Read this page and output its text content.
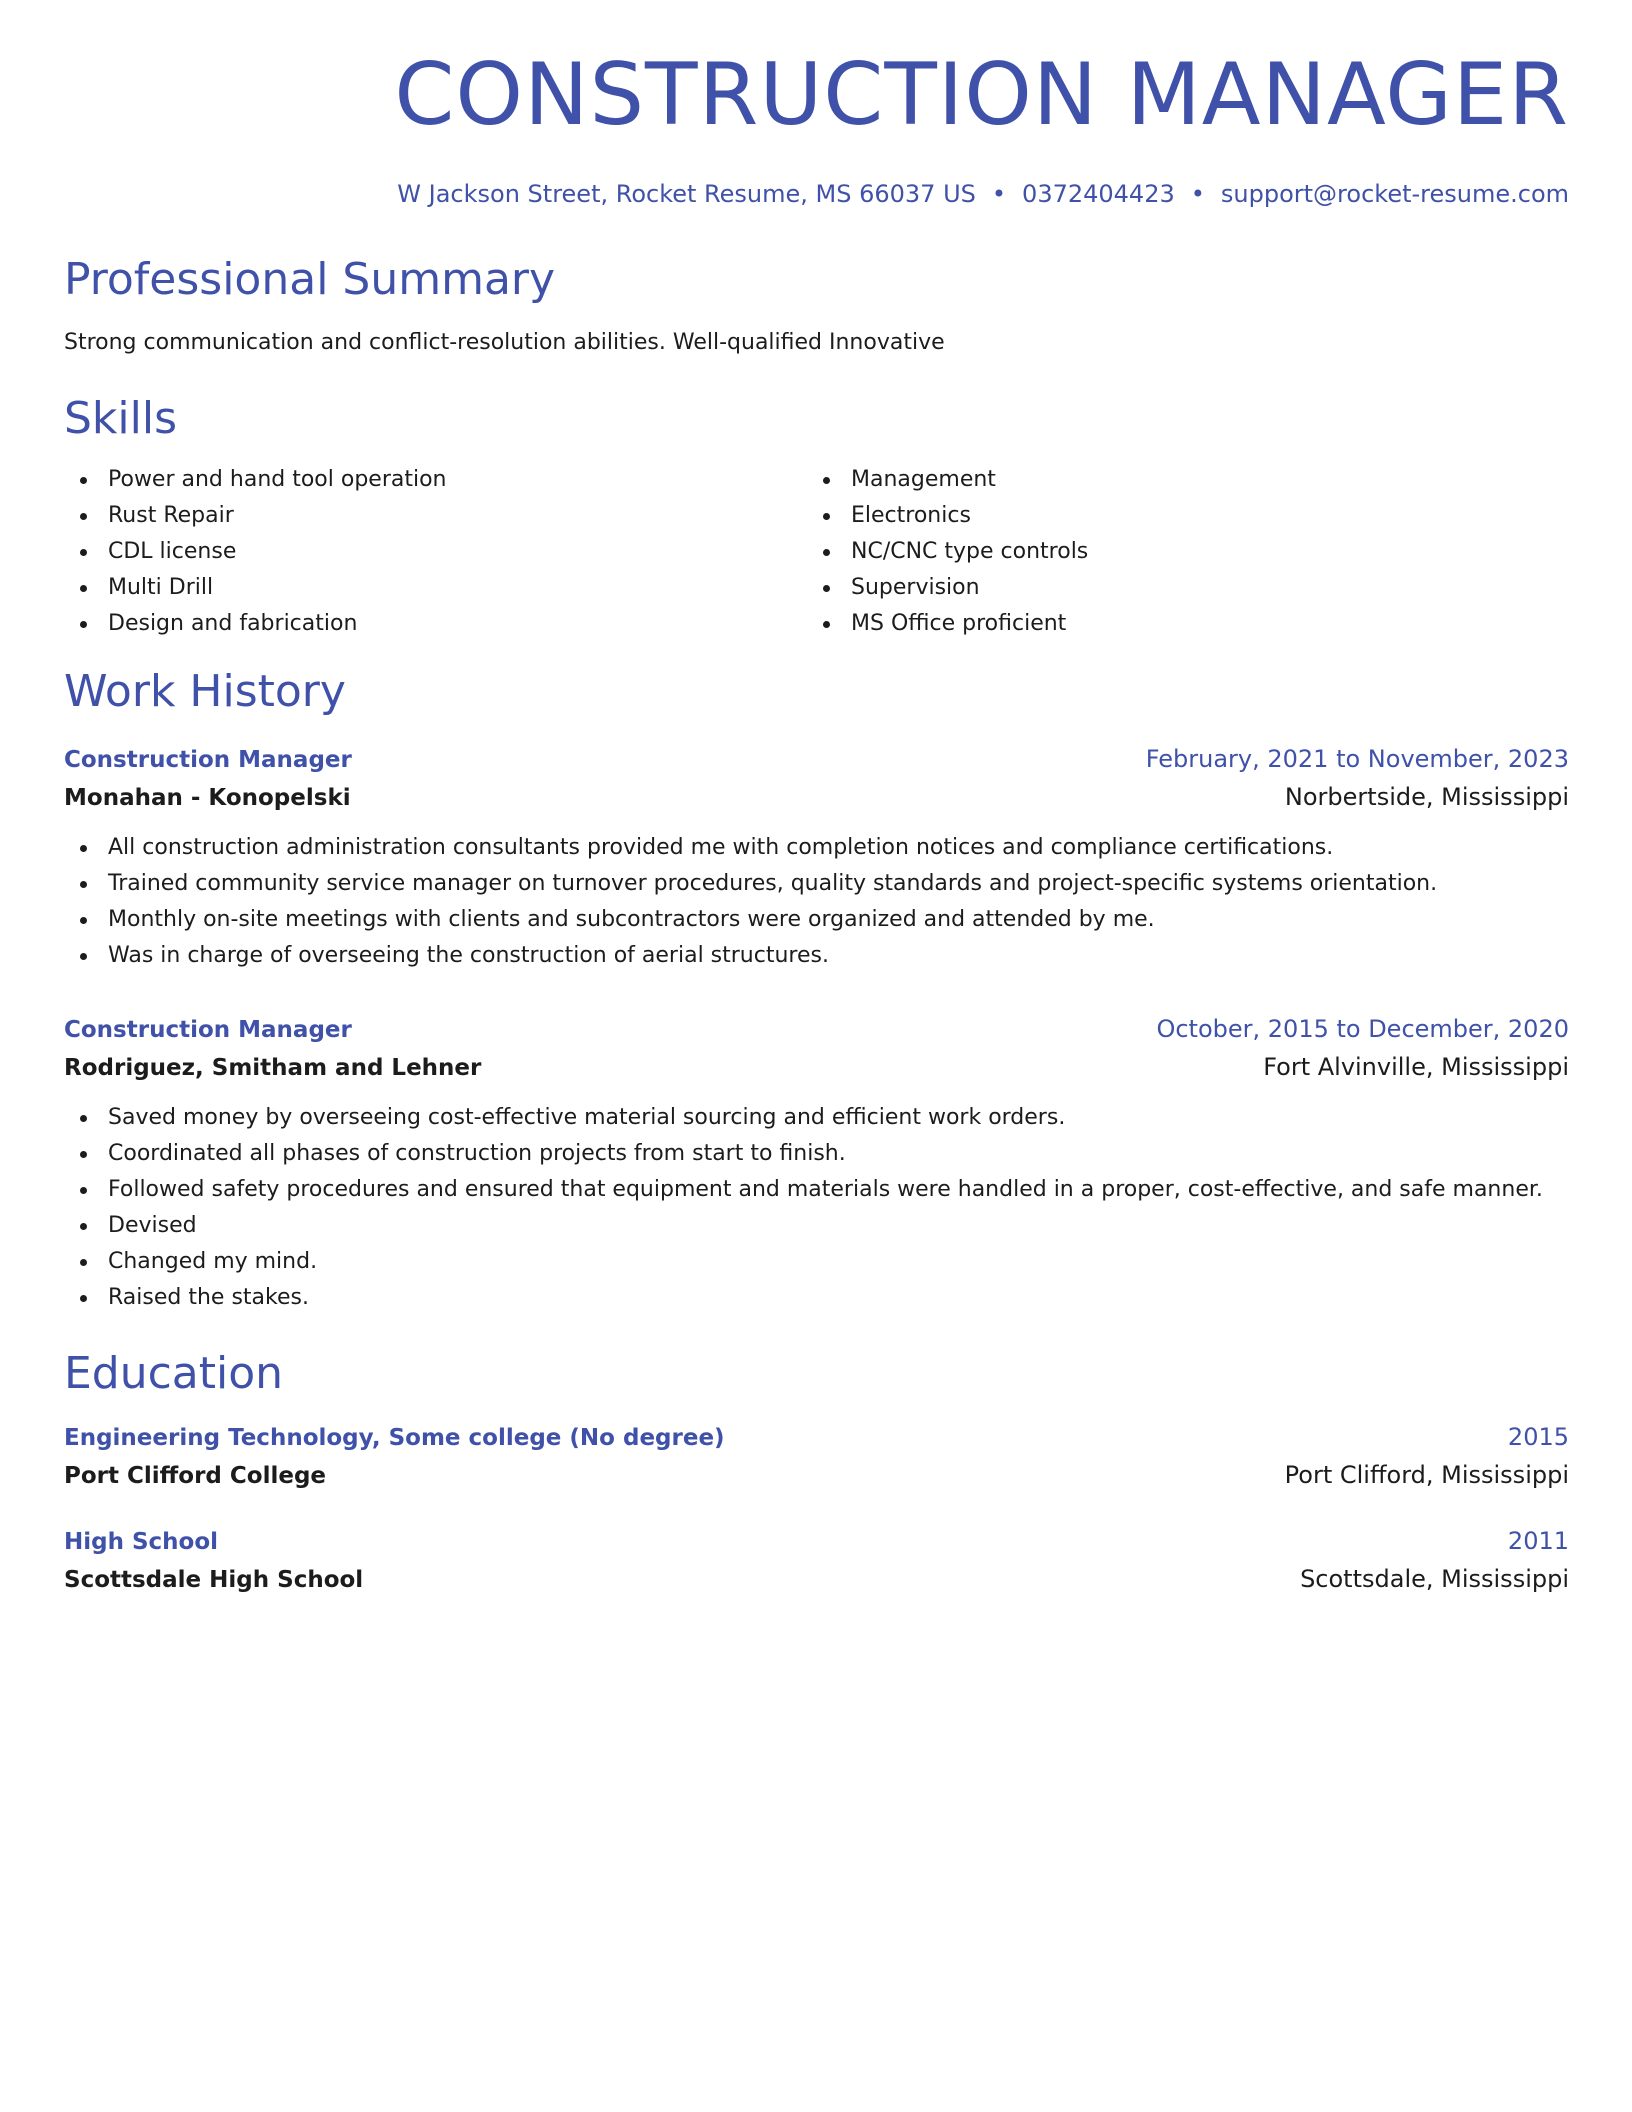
CONSTRUCTION MANAGER
W Jackson Street, Rocket Resume, MS 66037 US • 0372404423 • support@rocket-resume.com
Professional Summary

Strong communication and conflict-resolution abilities. Well-qualified Innovative

Skills
Power and hand tool operation
Rust Repair
CDL license
Multi Drill
Design and fabrication
Management
Electronics
NC/CNC type controls
Supervision
MS Office proficient
Work History
Construction Manager	February, 2021 to November, 2023
Monahan - Konopelski	Norbertside, Mississippi
All construction administration consultants provided me with completion notices and compliance certifications.
Trained community service manager on turnover procedures, quality standards and project-specific systems orientation.
Monthly on-site meetings with clients and subcontractors were organized and attended by me.
Was in charge of overseeing the construction of aerial structures.
Construction Manager	October, 2015 to December, 2020
Rodriguez, Smitham and Lehner	Fort Alvinville, Mississippi
Saved money by overseeing cost-effective material sourcing and efficient work orders.
Coordinated all phases of construction projects from start to finish.
Followed safety procedures and ensured that equipment and materials were handled in a proper, cost-effective, and safe manner.
Devised
Changed my mind.
Raised the stakes.
Education
Engineering Technology, Some college (No degree)	2015
Port Clifford College	Port Clifford, Mississippi
High School	2011
Scottsdale High School	Scottsdale, Mississippi
